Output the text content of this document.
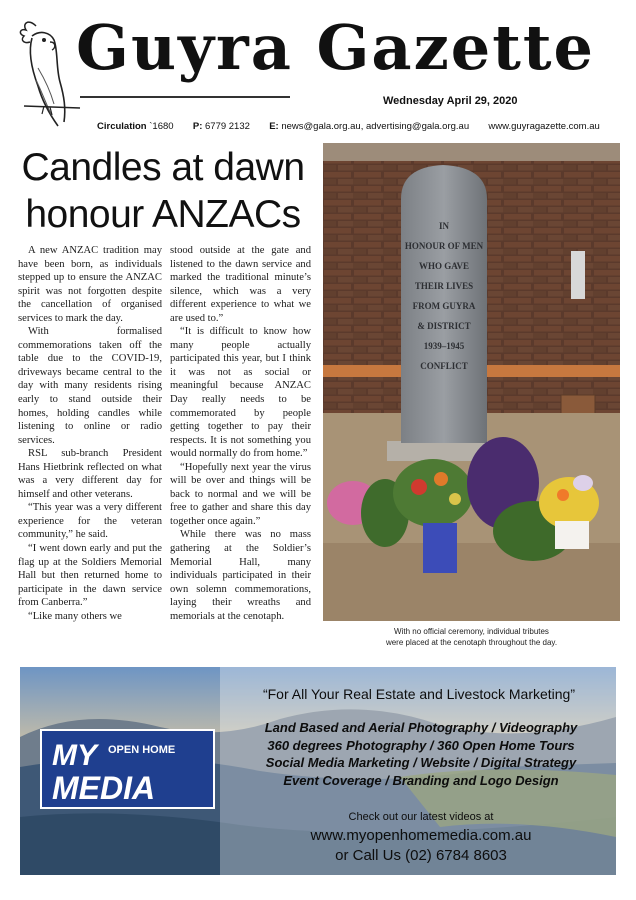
Guyra Gazette
Wednesday April 29, 2020
Circulation `1680 P: 6779 2132 E: news@gala.org.au, advertising@gala.org.au www.guyragazette.com.au
Candles at dawn honour ANZACs

A new ANZAC tradition may have been born, as individuals stepped up to ensure the ANZAC spirit was not forgotten despite the cancellation of organised services to mark the day.

With formalised commemorations taken off the table due to the COVID-19, driveways became central to the day with many residents rising early to stand outside their homes, holding candles while listening to online or radio services.

RSL sub-branch President Hans Hietbrink reflected on what was a very different day for himself and other veterans.

“This year was a very different experience for the veteran community,” he said.

“I went down early and put the flag up at the Soldiers Memorial Hall but then returned home to participate in the dawn service from Canberra.”

“Like many others we

stood outside at the gate and listened to the dawn service and marked the traditional minute’s silence, which was a very different experience to what we are used to.”

“It is difficult to know how many people actually participated this year, but I think it was not as social or meaningful because ANZAC Day really needs to be commemorated by people getting together to pay their respects. It is not something you would normally do from home.”

“Hopefully next year the virus will be over and things will be back to normal and we will be free to gather and share this day together once again.”

While there was no mass gathering at the Soldier’s Memorial Hall, many individuals participated in their own solemn commemorations, laying their wreaths and memorials at the cenotaph.

IN
HONOUR OF MEN
WHO GAVE
THEIR LIVES
FROM GUYRA
& DISTRICT
1939–1945
CONFLICT
With no official ceremony, individual tributes
were placed at the cenotaph throughout the day.
MY OPEN HOME
MEDIA
“For All Your Real Estate and Livestock Marketing”
Land Based and Aerial Photography / Videography
360 degrees Photography / 360 Open Home Tours
Social Media Marketing / Website / Digital Strategy
Event Coverage / Branding and Logo Design
Check out our latest videos at
www.myopenhomemedia.com.au
or Call Us (02) 6784 8603
